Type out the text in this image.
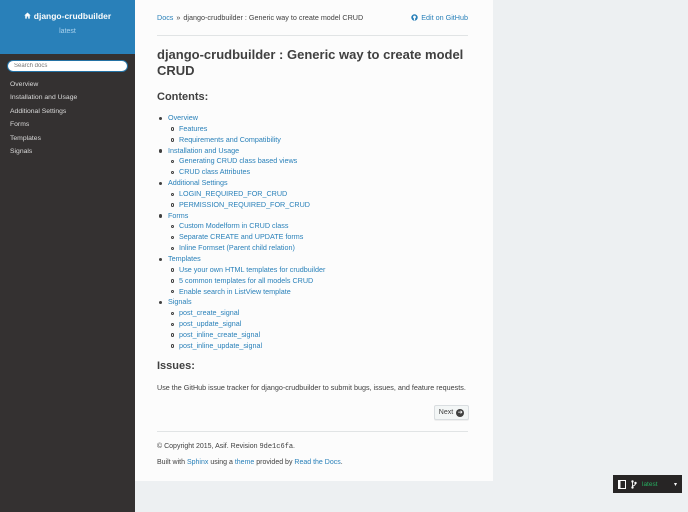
django-crudbuilder
latest
Search docs
Overview
Installation and Usage
Additional Settings
Forms
Templates
Signals
Docs » django-crudbuilder : Generic way to create model CRUD	Edit on GitHub
django-crudbuilder : Generic way to create model CRUD
Contents:
Overview
Features
Requirements and Compatibility
Installation and Usage
Generating CRUD class based views
CRUD class Attributes
Additional Settings
LOGIN_REQUIRED_FOR_CRUD
PERMISSION_REQUIRED_FOR_CRUD
Forms
Custom Modelform in CRUD class
Separate CREATE and UPDATE forms
Inline Formset (Parent child relation)
Templates
Use your own HTML templates for crudbuilder
5 common templates for all models CRUD
Enable search in ListView template
Signals
post_create_signal
post_update_signal
post_inline_create_signal
post_inline_update_signal
Issues:

Use the GitHub issue tracker for django-crudbuilder to submit bugs, issues, and feature requests.

Next ➜
© Copyright 2015, Asif. Revision 9de1c6fa.
Built with Sphinx using a theme provided by Read the Docs.
latest	▾
